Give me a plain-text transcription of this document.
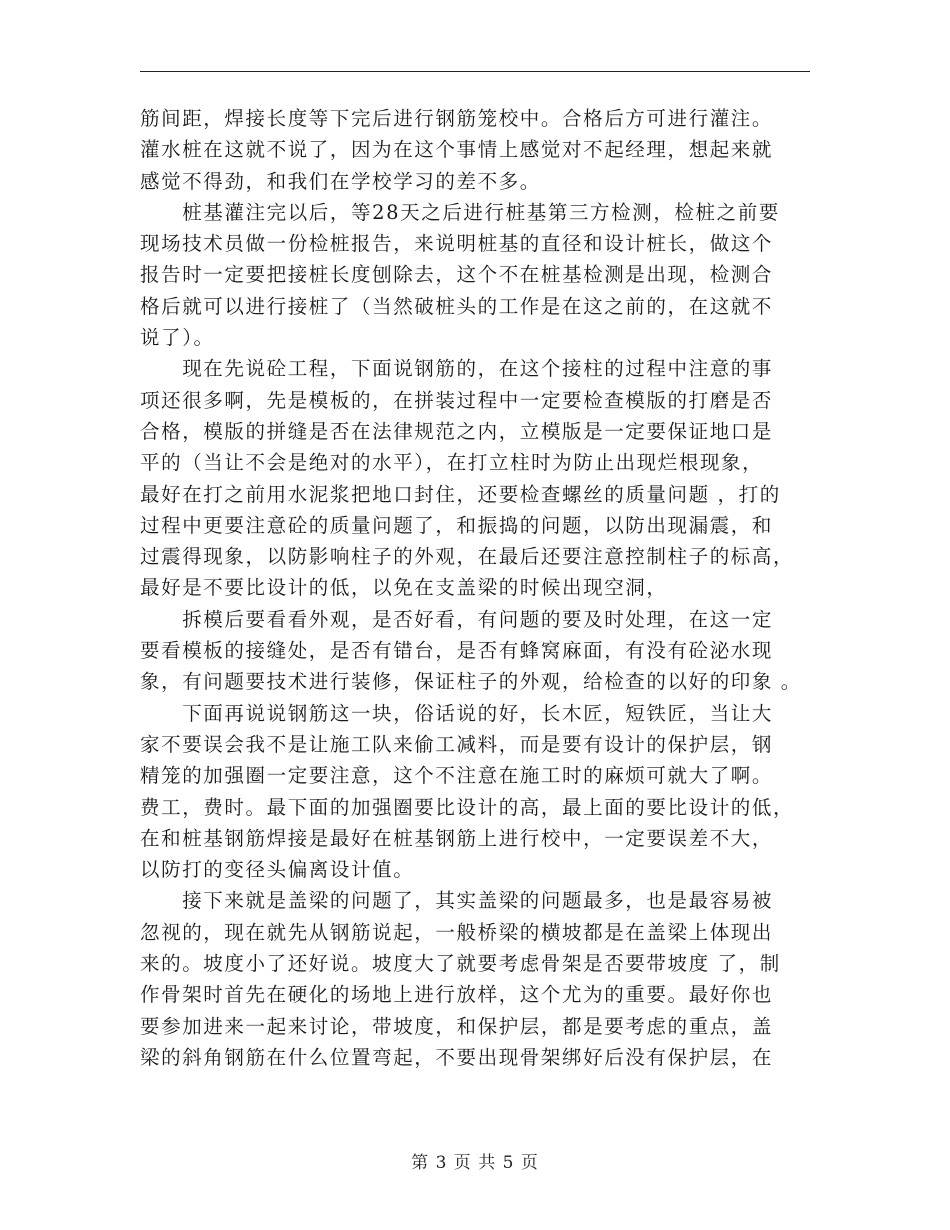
筋间距，焊接长度等下完后进行钢筋笼校中。合格后方可进行灌注。
灌水桩在这就不说了，因为在这个事情上感觉对不起经理，想起来就
感觉不得劲，和我们在学校学习的差不多。

　　桩基灌注完以后，等28天之后进行桩基第三方检测，检桩之前要
现场技术员做一份检桩报告，来说明桩基的直径和设计桩长，做这个
报告时一定要把接桩长度刨除去，这个不在桩基检测是出现，检测合
格后就可以进行接桩了（当然破桩头的工作是在这之前的，在这就不
说了）。

　　现在先说砼工程，下面说钢筋的，在这个接柱的过程中注意的事
项还很多啊，先是模板的，在拼装过程中一定要检查模版的打磨是否
合格，模版的拼缝是否在法律规范之内，立模版是一定要保证地口是
平的（当让不会是绝对的水平），在打立柱时为防止出现烂根现象，
最好在打之前用水泥浆把地口封住，还要检查螺丝的质量问题 ，打的
过程中更要注意砼的质量问题了，和振捣的问题，以防出现漏震，和
过震得现象，以防影响柱子的外观，在最后还要注意控制柱子的标高，
最好是不要比设计的低，以免在支盖梁的时候出现空洞，

　　拆模后要看看外观，是否好看，有问题的要及时处理，在这一定
要看模板的接缝处，是否有错台，是否有蜂窝麻面，有没有砼泌水现
象，有问题要技术进行装修，保证柱子的外观，给检查的以好的印象 。

　　下面再说说钢筋这一块，俗话说的好，长木匠，短铁匠，当让大
家不要误会我不是让施工队来偷工减料，而是要有设计的保护层，钢
精笼的加强圈一定要注意，这个不注意在施工时的麻烦可就大了啊。
费工，费时。最下面的加强圈要比设计的高，最上面的要比设计的低，
在和桩基钢筋焊接是最好在桩基钢筋上进行校中，一定要误差不大，
以防打的变径头偏离设计值。

　　接下来就是盖梁的问题了，其实盖梁的问题最多，也是最容易被
忽视的，现在就先从钢筋说起，一般桥梁的横坡都是在盖梁上体现出
来的。坡度小了还好说。坡度大了就要考虑骨架是否要带坡度 了，制
作骨架时首先在硬化的场地上进行放样，这个尤为的重要。最好你也
要参加进来一起来讨论，带坡度，和保护层，都是要考虑的重点，盖
梁的斜角钢筋在什么位置弯起，不要出现骨架绑好后没有保护层，在

第 3 页 共 5 页
